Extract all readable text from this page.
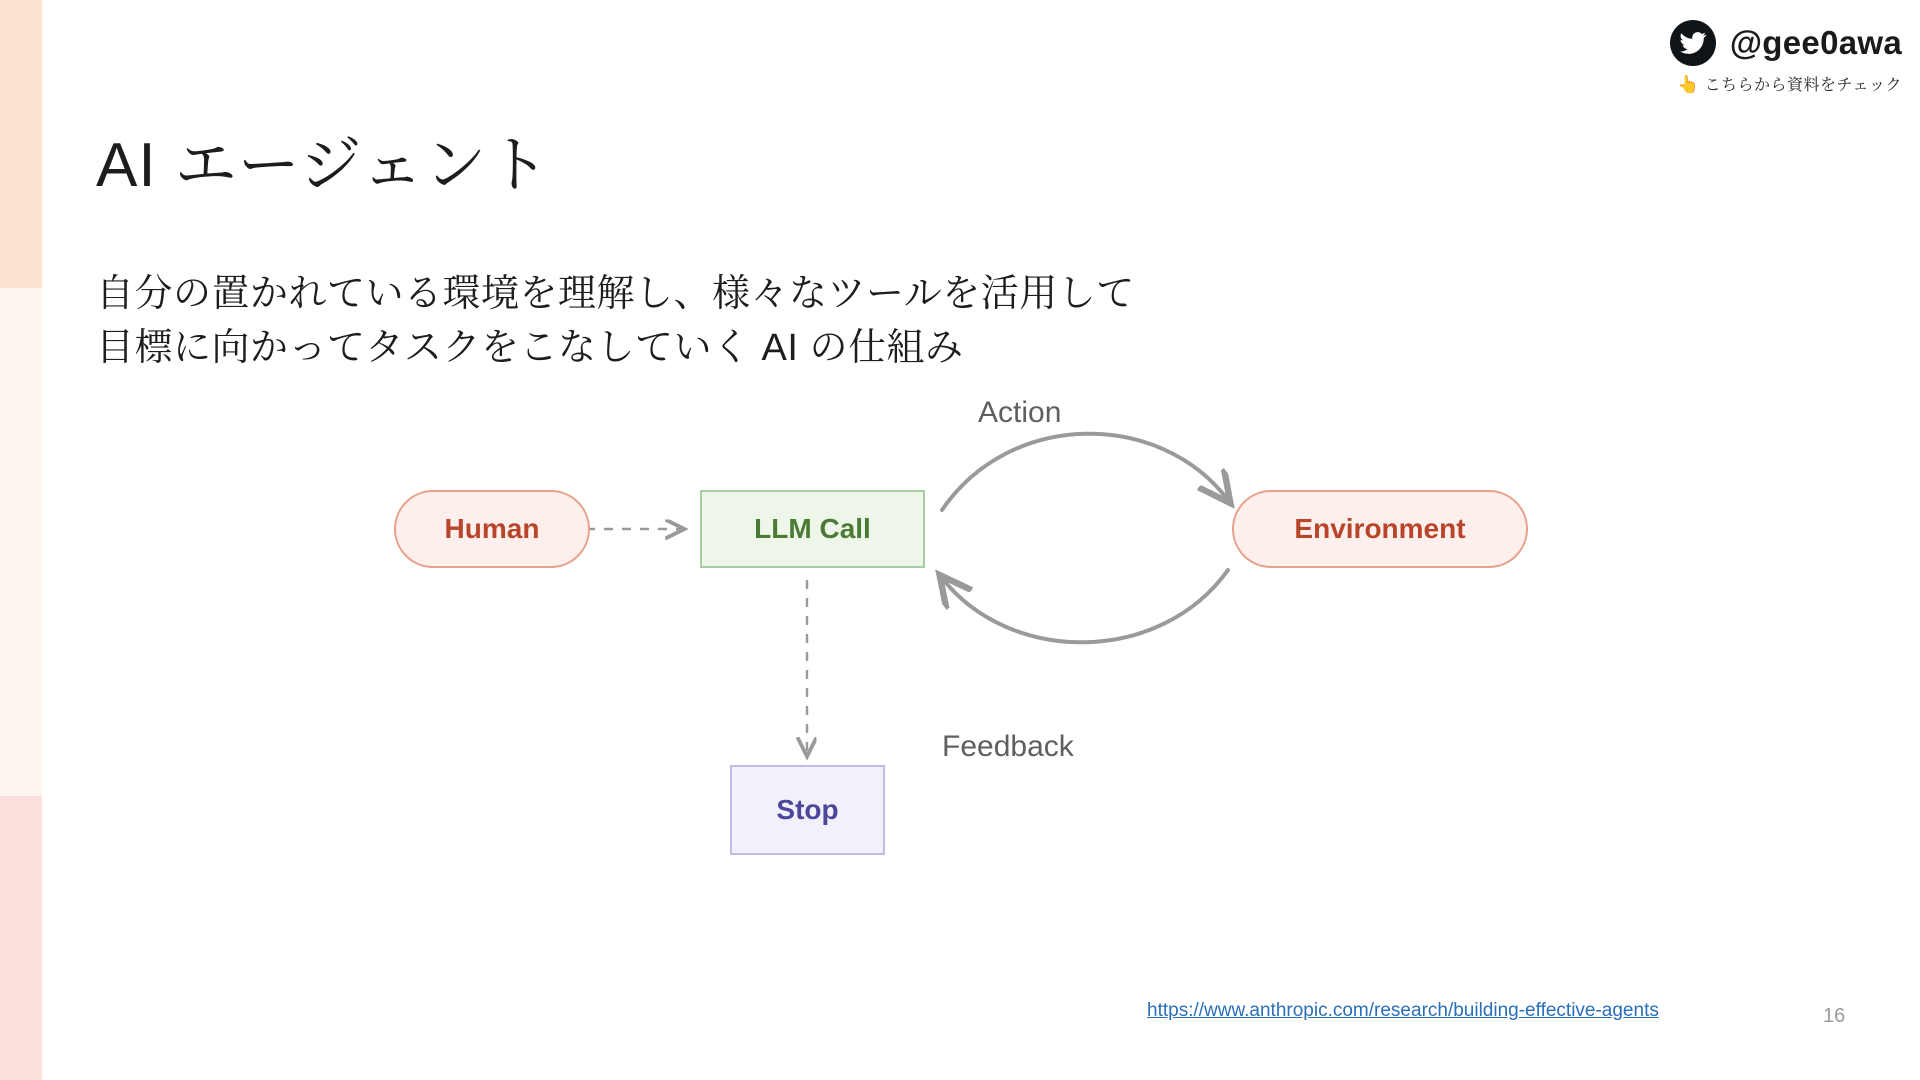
@gee0awa
👆 こちらから資料をチェック
AI エージェント
自分の置かれている環境を理解し、様々なツールを活用して
目標に向かってタスクをこなしていく AI の仕組み
Human	LLM Call	Environment
Stop
Action
Feedback
https://www.anthropic.com/research/building-effective-agents	16
